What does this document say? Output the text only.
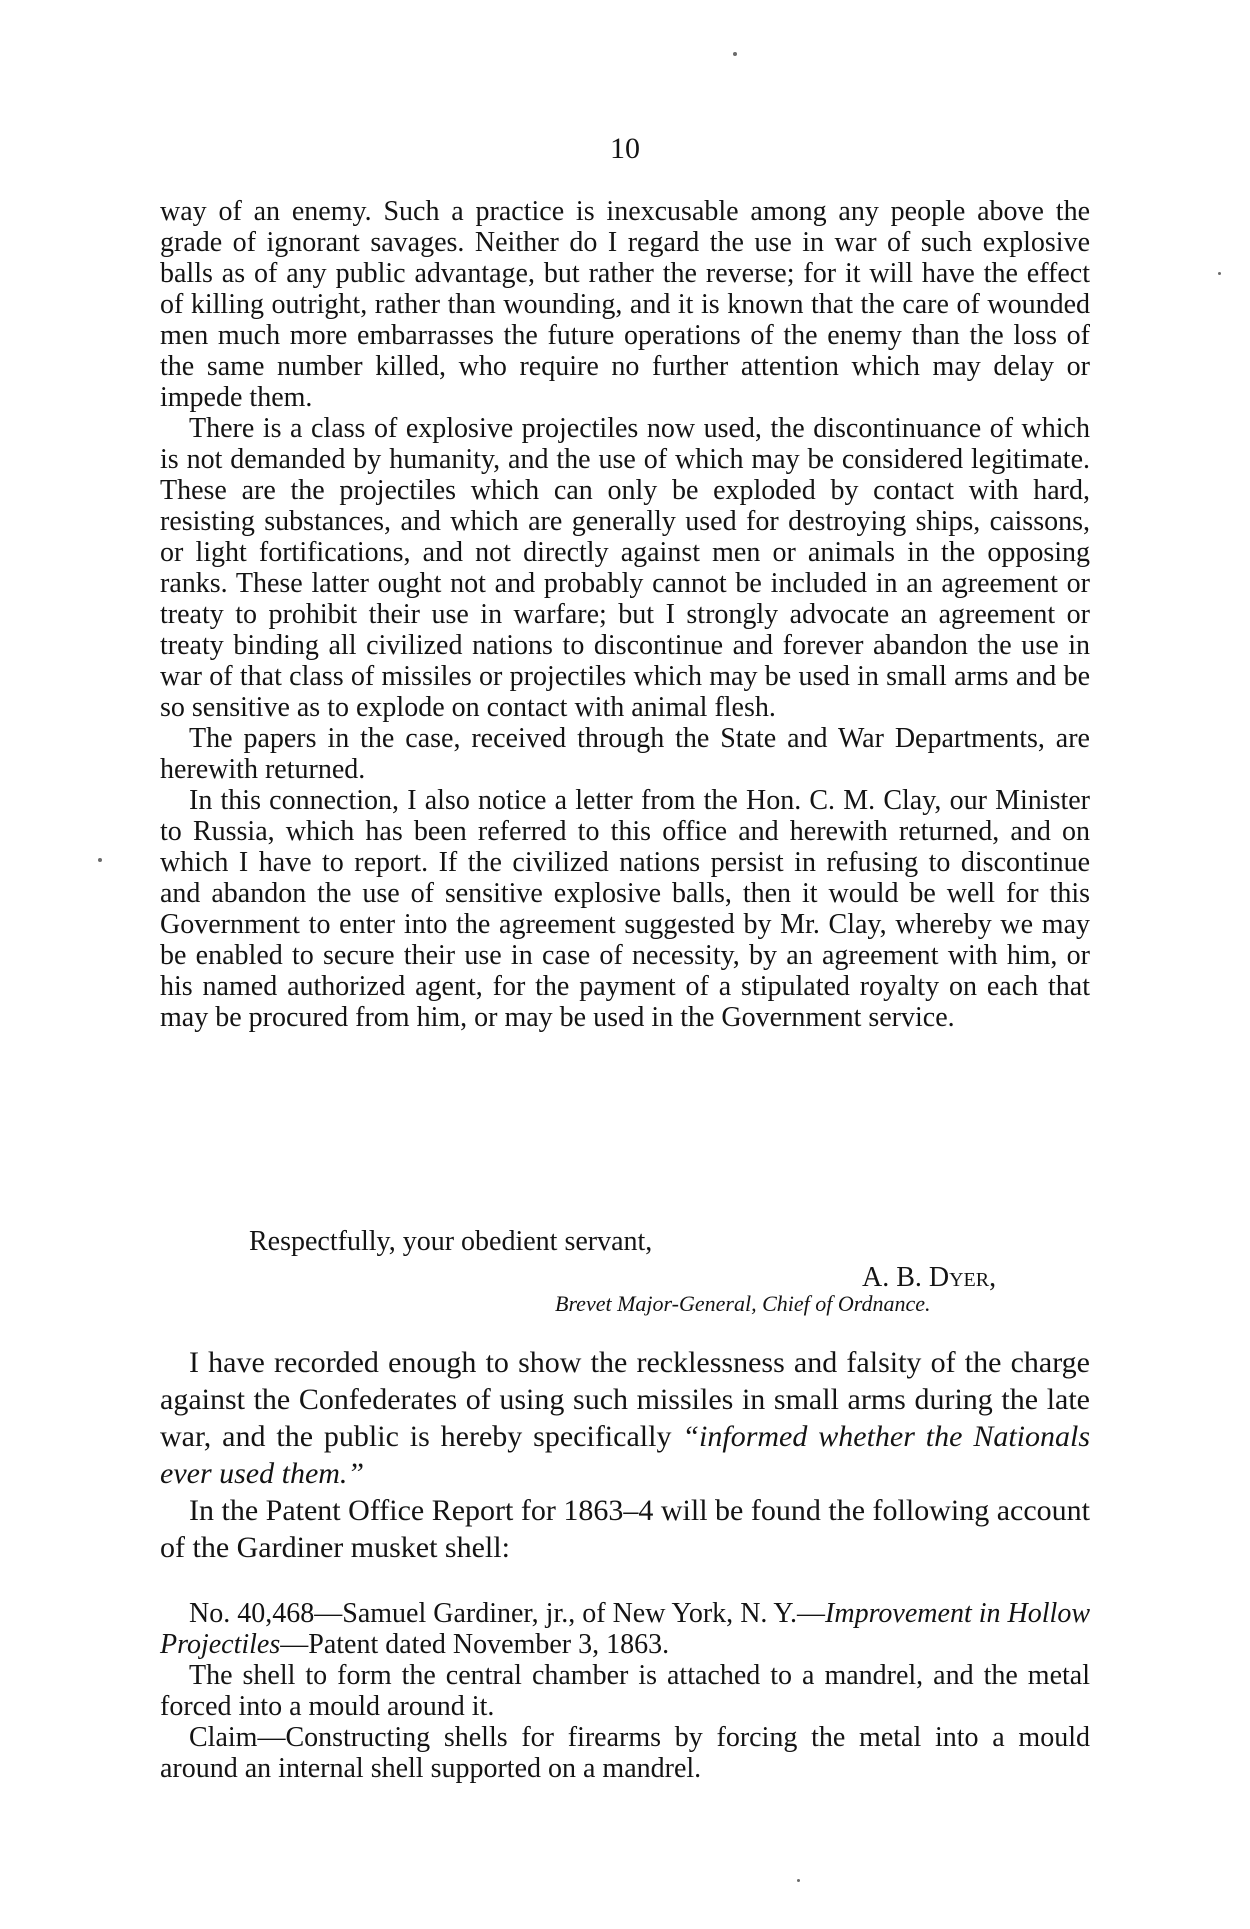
10

way of an enemy. Such a practice is inexcusable among any people above the grade of ignorant savages. Neither do I regard the use in war of such explosive balls as of any public advantage, but rather the reverse; for it will have the effect of killing outright, rather than wounding, and it is known that the care of wounded men much more embarrasses the future operations of the enemy than the loss of the same number killed, who require no further attention which may delay or impede them.

There is a class of explosive projectiles now used, the discontinuance of which is not demanded by humanity, and the use of which may be considered legitimate. These are the projectiles which can only be exploded by contact with hard, resisting substances, and which are generally used for destroying ships, caissons, or light fortifications, and not directly against men or animals in the opposing ranks. These latter ought not and probably cannot be included in an agreement or treaty to prohibit their use in warfare; but I strongly advocate an agreement or treaty binding all civilized nations to discontinue and forever abandon the use in war of that class of missiles or projectiles which may be used in small arms and be so sensitive as to explode on contact with animal flesh.

The papers in the case, received through the State and War Departments, are herewith returned.

In this connection, I also notice a letter from the Hon. C. M. Clay, our Minister to Russia, which has been referred to this office and herewith returned, and on which I have to report. If the civilized nations persist in refusing to discontinue and abandon the use of sensitive explosive balls, then it would be well for this Government to enter into the agreement suggested by Mr. Clay, whereby we may be enabled to secure their use in case of necessity, by an agreement with him, or his named authorized agent, for the payment of a stipulated royalty on each that may be procured from him, or may be used in the Government service.

Respectfully, your obedient servant,
A. B. Dyer,
Brevet Major-General, Chief of Ordnance.

I have recorded enough to show the recklessness and falsity of the charge against the Confederates of using such missiles in small arms during the late war, and the public is hereby specifically “informed whether the Nationals ever used them.”

In the Patent Office Report for 1863–4 will be found the following account of the Gardiner musket shell:

No. 40,468—Samuel Gardiner, jr., of New York, N. Y.—Improvement in Hollow Projectiles—Patent dated November 3, 1863.

The shell to form the central chamber is attached to a mandrel, and the metal forced into a mould around it.

Claim—Constructing shells for firearms by forcing the metal into a mould around an internal shell supported on a mandrel.
